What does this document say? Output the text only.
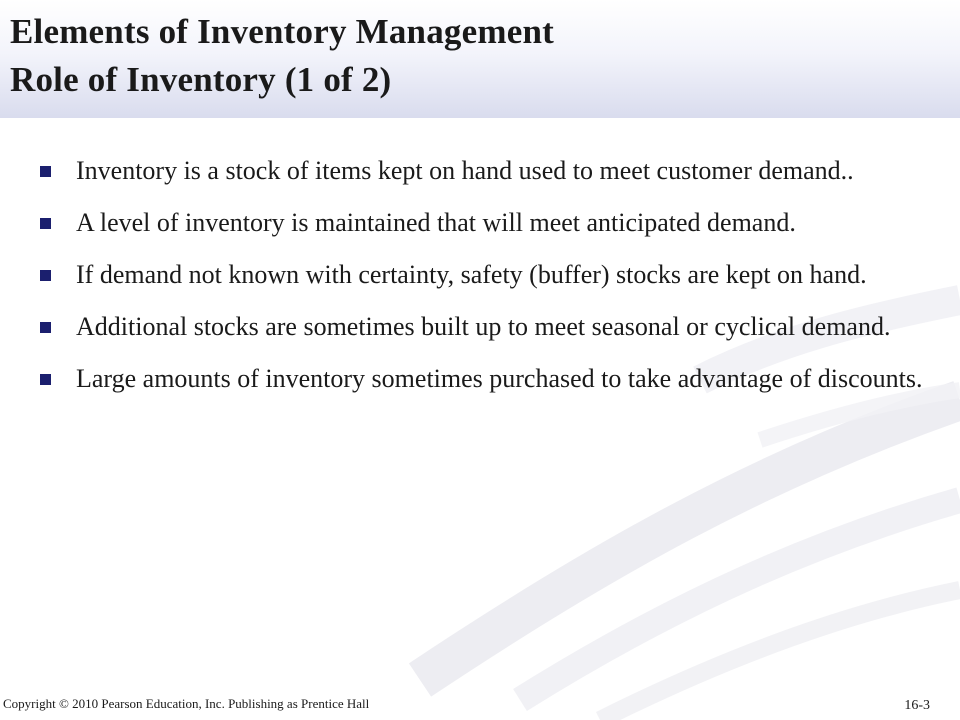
Elements of Inventory Management
Role of Inventory (1 of 2)
Inventory is a stock of items kept on hand used to meet customer demand..
A level of inventory is maintained that will meet anticipated demand.
If demand not known with certainty, safety (buffer) stocks are kept on hand.
Additional stocks are sometimes built up to meet seasonal or cyclical demand.
Large amounts of inventory sometimes purchased to take advantage of discounts.
Copyright © 2010 Pearson Education, Inc. Publishing as Prentice Hall	16-3
